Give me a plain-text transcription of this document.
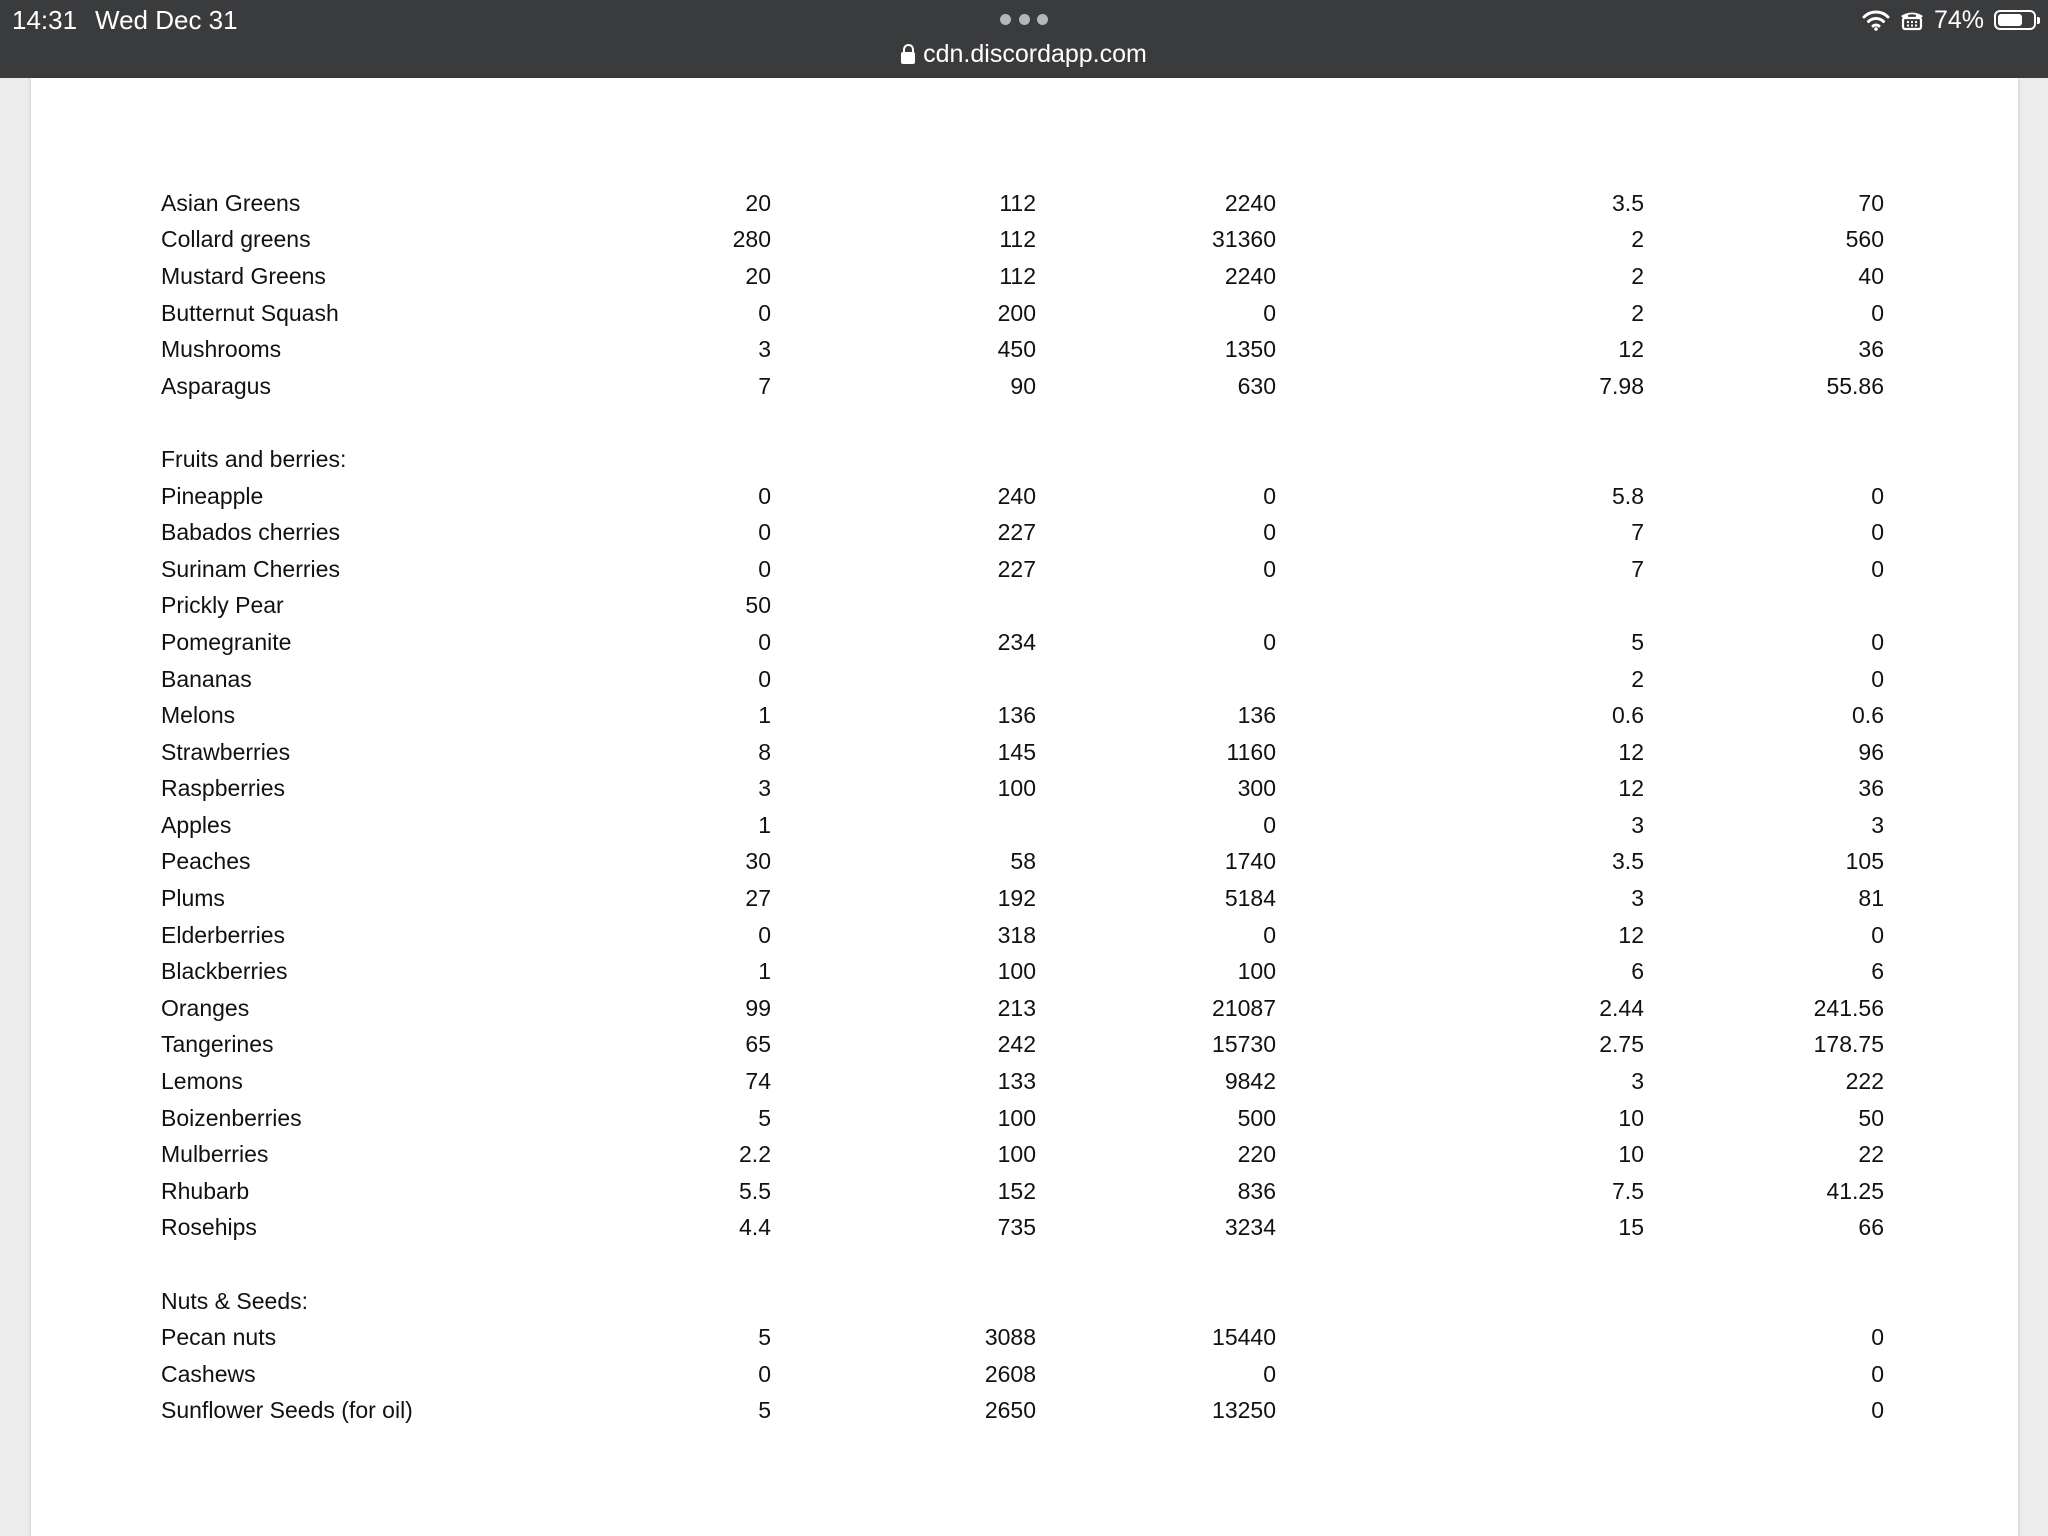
14:31 Wed Dec 31
cdn.discordapp.com
74%
Asian Greens	20	112	2240	3.5	70
Collard greens	280	112	31360	2	560
Mustard Greens	20	112	2240	2	40
Butternut Squash	0	200	0	2	0
Mushrooms	3	450	1350	12	36
Asparagus	7	90	630	7.98	55.86

Fruits and berries:					
Pineapple	0	240	0	5.8	0
Babados cherries	0	227	0	7	0
Surinam Cherries	0	227	0	7	0
Prickly Pear	50				
Pomegranite	0	234	0	5	0
Bananas	0			2	0
Melons	1	136	136	0.6	0.6
Strawberries	8	145	1160	12	96
Raspberries	3	100	300	12	36
Apples	1		0	3	3
Peaches	30	58	1740	3.5	105
Plums	27	192	5184	3	81
Elderberries	0	318	0	12	0
Blackberries	1	100	100	6	6
Oranges	99	213	21087	2.44	241.56
Tangerines	65	242	15730	2.75	178.75
Lemons	74	133	9842	3	222
Boizenberries	5	100	500	10	50
Mulberries	2.2	100	220	10	22
Rhubarb	5.5	152	836	7.5	41.25
Rosehips	4.4	735	3234	15	66

Nuts & Seeds:					
Pecan nuts	5	3088	15440		0
Cashews	0	2608	0		0
Sunflower Seeds (for oil)	5	2650	13250		0
